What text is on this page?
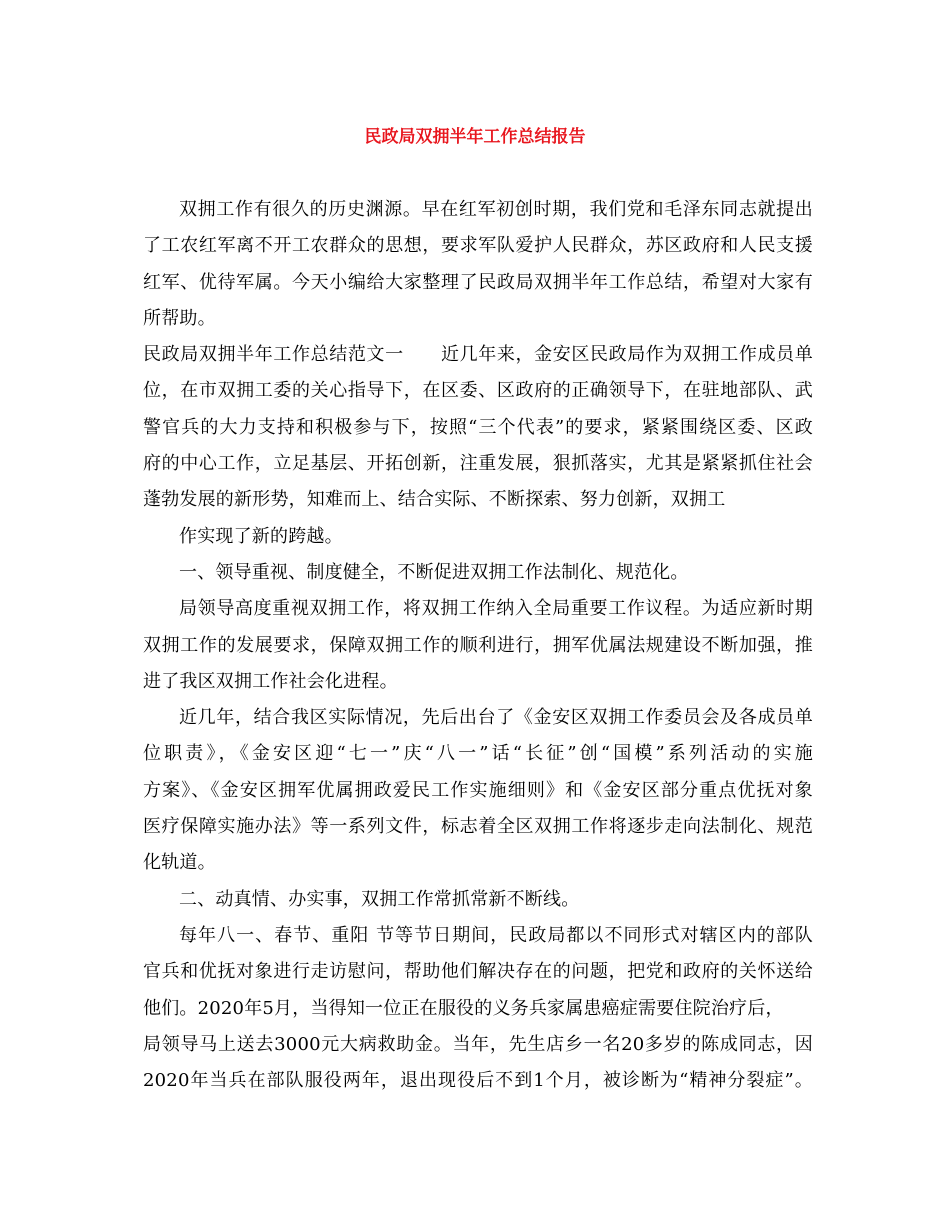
民政局双拥半年工作总结报告
双拥工作有很久的历史渊源。早在红军初创时期，我们党和毛泽东同志就提出
了工农红军离不开工农群众的思想，要求军队爱护人民群众，苏区政府和人民支援
红军、优待军属。今天小编给大家整理了民政局双拥半年工作总结，希望对大家有
所帮助。
民政局双拥半年工作总结范文一　　近几年来，金安区民政局作为双拥工作成员单
位，在市双拥工委的关心指导下，在区委、区政府的正确领导下，在驻地部队、武
警官兵的大力支持和积极参与下，按照“三个代表”的要求，紧紧围绕区委、区政
府的中心工作，立足基层、开拓创新，注重发展，狠抓落实，尤其是紧紧抓住社会
蓬勃发展的新形势，知难而上、结合实际、不断探索、努力创新，双拥工
作实现了新的跨越。
一、领导重视、制度健全，不断促进双拥工作法制化、规范化。
局领导高度重视双拥工作，将双拥工作纳入全局重要工作议程。为适应新时期
双拥工作的发展要求，保障双拥工作的顺利进行，拥军优属法规建设不断加强，推
进了我区双拥工作社会化进程。
近几年，结合我区实际情况，先后出台了《金安区双拥工作委员会及各成员单
位职责》，《金安区迎“七一”庆“八一”话“长征”创“国模”系列活动的实施
方案》、《金安区拥军优属拥政爱民工作实施细则》和《金安区部分重点优抚对象
医疗保障实施办法》等一系列文件，标志着全区双拥工作将逐步走向法制化、规范
化轨道。
二、动真情、办实事，双拥工作常抓常新不断线。
每年八一、春节、重阳 节等节日期间，民政局都以不同形式对辖区内的部队
官兵和优抚对象进行走访慰问，帮助他们解决存在的问题，把党和政府的关怀送给
他们。2020年5月，当得知一位正在服役的义务兵家属患癌症需要住院治疗后，
局领导马上送去3000元大病救助金。当年，先生店乡一名20多岁的陈成同志，因
2020年当兵在部队服役两年，退出现役后不到1个月，被诊断为“精神分裂症”。
